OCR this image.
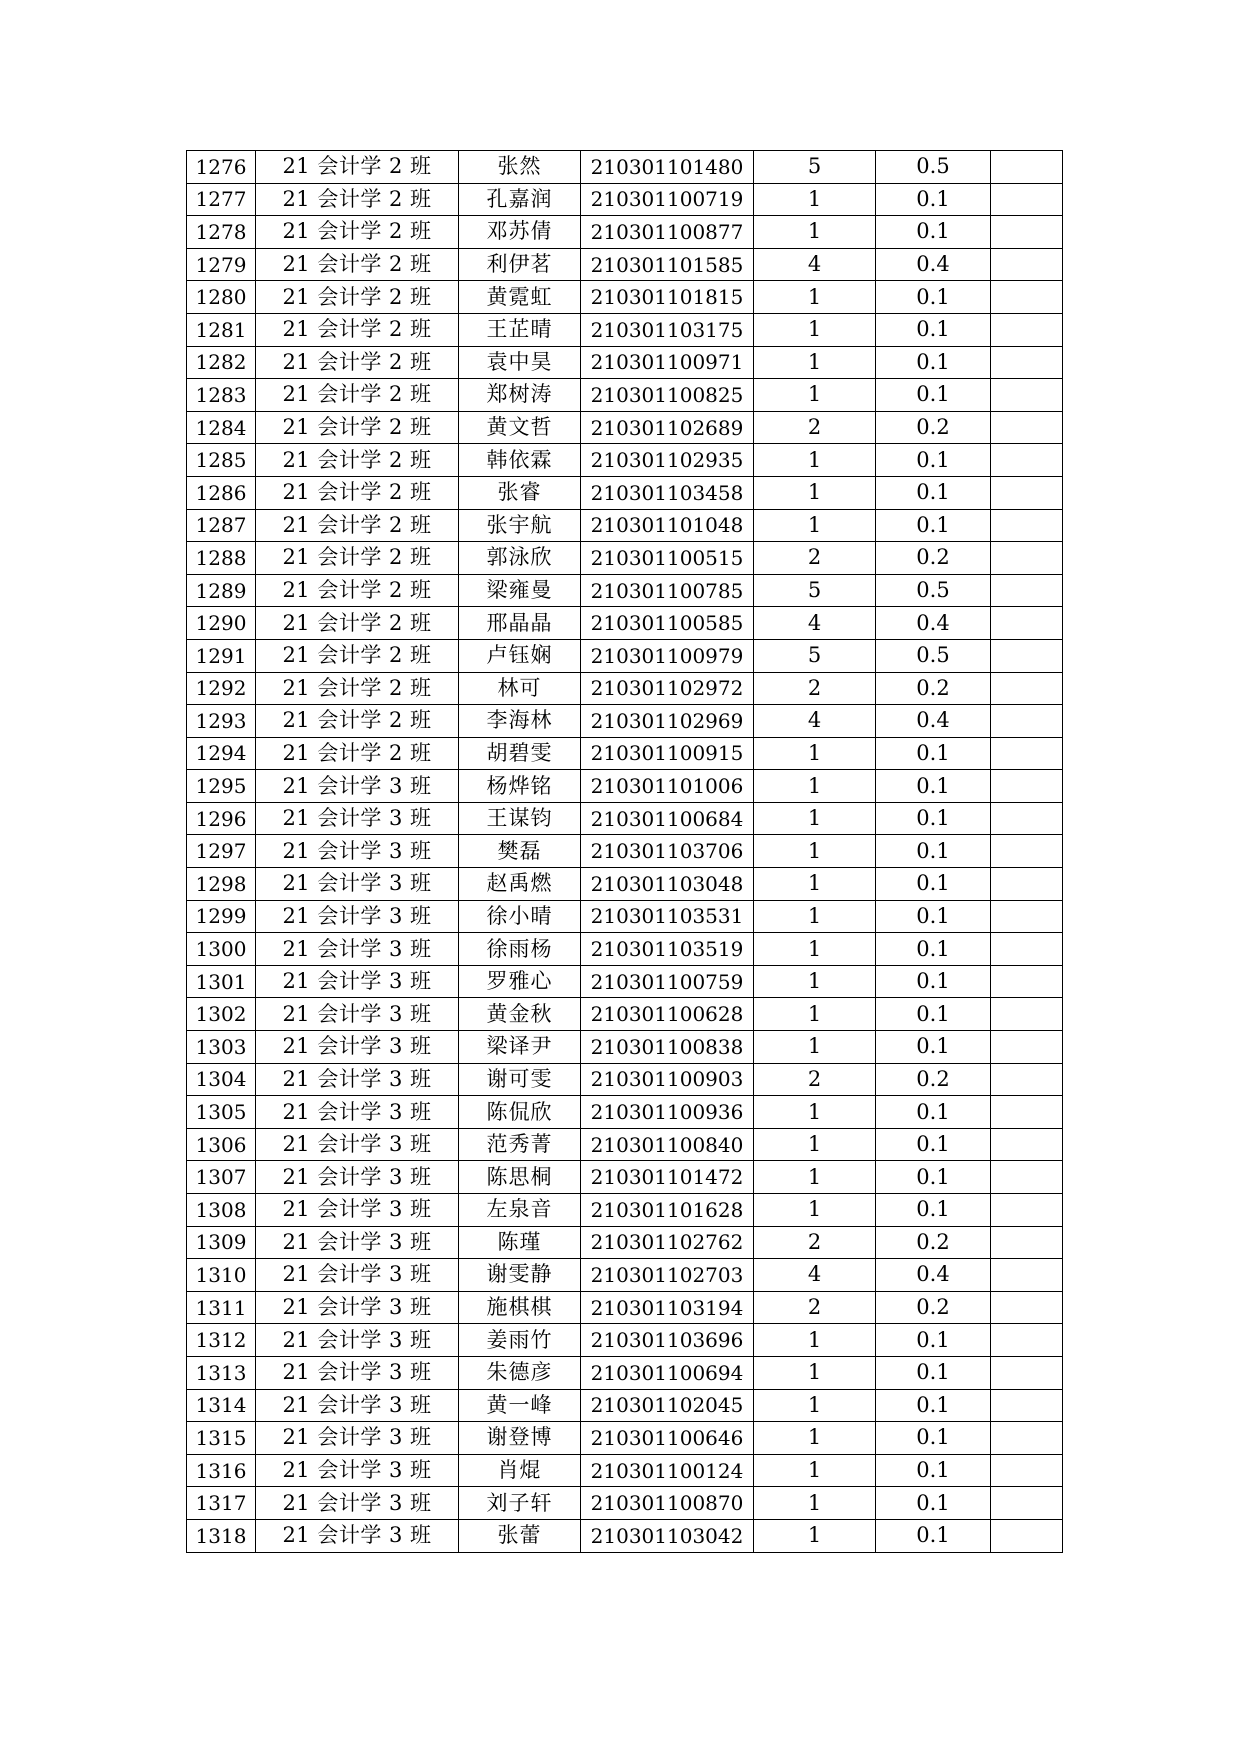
1276	21 会计学 2 班	张然	210301101480	5	0.5	
1277	21 会计学 2 班	孔嘉润	210301100719	1	0.1	
1278	21 会计学 2 班	邓苏倩	210301100877	1	0.1	
1279	21 会计学 2 班	利伊茗	210301101585	4	0.4	
1280	21 会计学 2 班	黄霓虹	210301101815	1	0.1	
1281	21 会计学 2 班	王芷晴	210301103175	1	0.1	
1282	21 会计学 2 班	袁中昊	210301100971	1	0.1	
1283	21 会计学 2 班	郑树涛	210301100825	1	0.1	
1284	21 会计学 2 班	黄文哲	210301102689	2	0.2	
1285	21 会计学 2 班	韩依霖	210301102935	1	0.1	
1286	21 会计学 2 班	张睿	210301103458	1	0.1	
1287	21 会计学 2 班	张宇航	210301101048	1	0.1	
1288	21 会计学 2 班	郭泳欣	210301100515	2	0.2	
1289	21 会计学 2 班	梁雍曼	210301100785	5	0.5	
1290	21 会计学 2 班	邢晶晶	210301100585	4	0.4	
1291	21 会计学 2 班	卢钰娴	210301100979	5	0.5	
1292	21 会计学 2 班	林可	210301102972	2	0.2	
1293	21 会计学 2 班	李海林	210301102969	4	0.4	
1294	21 会计学 2 班	胡碧雯	210301100915	1	0.1	
1295	21 会计学 3 班	杨烨铭	210301101006	1	0.1	
1296	21 会计学 3 班	王谋钧	210301100684	1	0.1	
1297	21 会计学 3 班	樊磊	210301103706	1	0.1	
1298	21 会计学 3 班	赵禹燃	210301103048	1	0.1	
1299	21 会计学 3 班	徐小晴	210301103531	1	0.1	
1300	21 会计学 3 班	徐雨杨	210301103519	1	0.1	
1301	21 会计学 3 班	罗雅心	210301100759	1	0.1	
1302	21 会计学 3 班	黄金秋	210301100628	1	0.1	
1303	21 会计学 3 班	梁译尹	210301100838	1	0.1	
1304	21 会计学 3 班	谢可雯	210301100903	2	0.2	
1305	21 会计学 3 班	陈侃欣	210301100936	1	0.1	
1306	21 会计学 3 班	范秀菁	210301100840	1	0.1	
1307	21 会计学 3 班	陈思桐	210301101472	1	0.1	
1308	21 会计学 3 班	左泉音	210301101628	1	0.1	
1309	21 会计学 3 班	陈瑾	210301102762	2	0.2	
1310	21 会计学 3 班	谢雯静	210301102703	4	0.4	
1311	21 会计学 3 班	施棋棋	210301103194	2	0.2	
1312	21 会计学 3 班	姜雨竹	210301103696	1	0.1	
1313	21 会计学 3 班	朱德彦	210301100694	1	0.1	
1314	21 会计学 3 班	黄一峰	210301102045	1	0.1	
1315	21 会计学 3 班	谢登博	210301100646	1	0.1	
1316	21 会计学 3 班	肖焜	210301100124	1	0.1	
1317	21 会计学 3 班	刘子轩	210301100870	1	0.1	
1318	21 会计学 3 班	张蕾	210301103042	1	0.1	
